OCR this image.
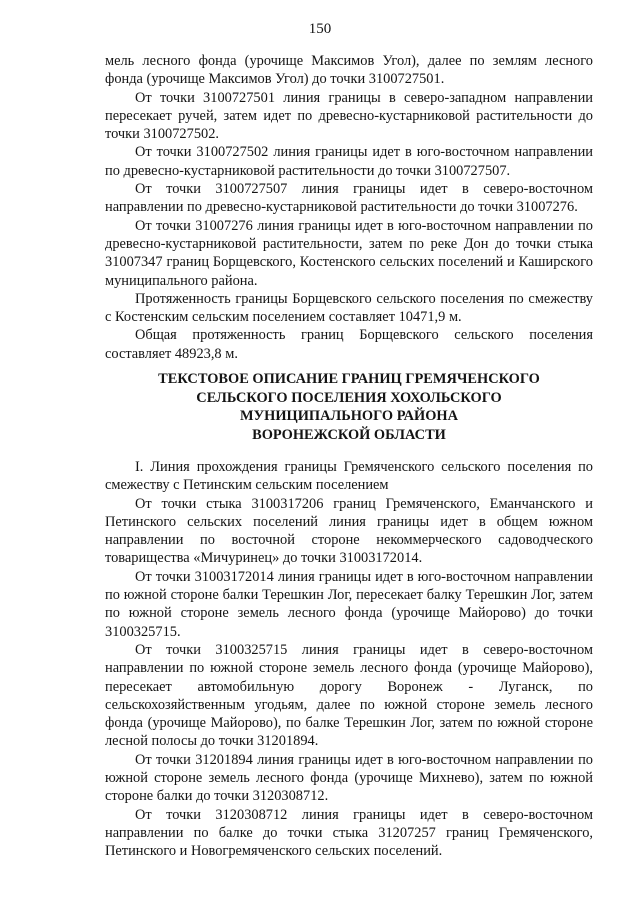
150

мель лесного фонда (урочище Максимов Угол), далее по землям лесного фонда (урочище Максимов Угол) до точки 3100727501.

От точки 3100727501 линия границы в северо-западном направлении пересекает ручей, затем идет по древесно-кустарниковой растительности до точки 3100727502.

От точки 3100727502 линия границы идет в юго-восточном направлении по древесно-кустарниковой растительности до точки 3100727507.

От точки 3100727507 линия границы идет в северо-восточном направлении по древесно-кустарниковой растительности до точки 31007276.

От точки 31007276 линия границы идет в юго-восточном направлении по древесно-кустарниковой растительности, затем по реке Дон до точки стыка 31007347 границ Борщевского, Костенского сельских поселений и Каширского муниципального района.

Протяженность границы Борщевского сельского поселения по смежеству с Костенским сельским поселением составляет 10471,9 м.

Общая протяженность границ Борщевского сельского поселения составляет 48923,8 м.

ТЕКСТОВОЕ ОПИСАНИЕ ГРАНИЦ ГРЕМЯЧЕНСКОГО
СЕЛЬСКОГО ПОСЕЛЕНИЯ ХОХОЛЬСКОГО
МУНИЦИПАЛЬНОГО РАЙОНА
ВОРОНЕЖСКОЙ ОБЛАСТИ

I. Линия прохождения границы Гремяченского сельского поселения по смежеству с Петинским сельским поселением

От точки стыка 3100317206 границ Гремяченского, Еманчанского и Петинского сельских поселений линия границы идет в общем южном направлении по восточной стороне некоммерческого садоводческого товарищества «Мичуринец» до точки 31003172014.

От точки 31003172014 линия границы идет в юго-восточном направлении по южной стороне балки Терешкин Лог, пересекает балку Терешкин Лог, затем по южной стороне земель лесного фонда (урочище Майорово) до точки 3100325715.

От точки 3100325715 линия границы идет в северо-восточном направлении по южной стороне земель лесного фонда (урочище Майорово), пересекает автомобильную дорогу Воронеж - Луганск, по сельскохозяйственным угодьям, далее по южной стороне земель лесного фонда (урочище Майорово), по балке Терешкин Лог, затем по южной стороне лесной полосы до точки 31201894.

От точки 31201894 линия границы идет в юго-восточном направлении по южной стороне земель лесного фонда (урочище Михнево), затем по южной стороне балки до точки 3120308712.

От точки 3120308712 линия границы идет в северо-восточном направлении по балке до точки стыка 31207257 границ Гремяченского, Петинского и Новогремяченского сельских поселений.
